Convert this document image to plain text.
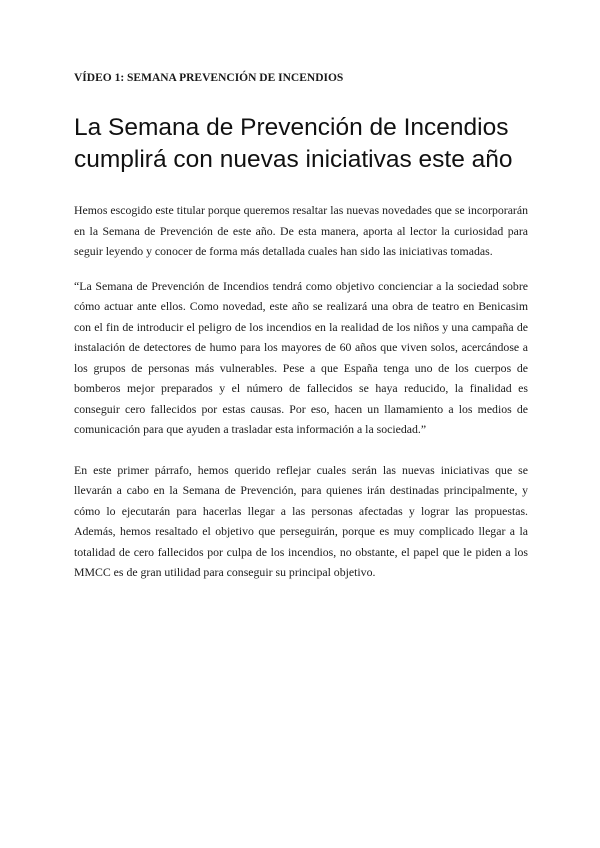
VÍDEO 1: SEMANA PREVENCIÓN DE INCENDIOS
La Semana de Prevención de Incendios cumplirá con nuevas iniciativas este año

Hemos escogido este titular porque queremos resaltar las nuevas novedades que se incorporarán en la Semana de Prevención de este año. De esta manera, aporta al lector la curiosidad para seguir leyendo y conocer de forma más detallada cuales han sido las iniciativas tomadas.

“La Semana de Prevención de Incendios tendrá como objetivo concienciar a la sociedad sobre cómo actuar ante ellos. Como novedad, este año se realizará una obra de teatro en Benicasim con el fin de introducir el peligro de los incendios en la realidad de los niños y una campaña de instalación de detectores de humo para los mayores de 60 años que viven solos, acercándose a los grupos de personas más vulnerables. Pese a que España tenga uno de los cuerpos de bomberos mejor preparados y el número de fallecidos se haya reducido, la finalidad es conseguir cero fallecidos por estas causas. Por eso, hacen un llamamiento a los medios de comunicación para que ayuden a trasladar esta información a la sociedad.”

En este primer párrafo, hemos querido reflejar cuales serán las nuevas iniciativas que se llevarán a cabo en la Semana de Prevención, para quienes irán destinadas principalmente, y cómo lo ejecutarán para hacerlas llegar a las personas afectadas y lograr las propuestas. Además, hemos resaltado el objetivo que perseguirán, porque es muy complicado llegar a la totalidad de cero fallecidos por culpa de los incendios, no obstante, el papel que le piden a los MMCC es de gran utilidad para conseguir su principal objetivo.
